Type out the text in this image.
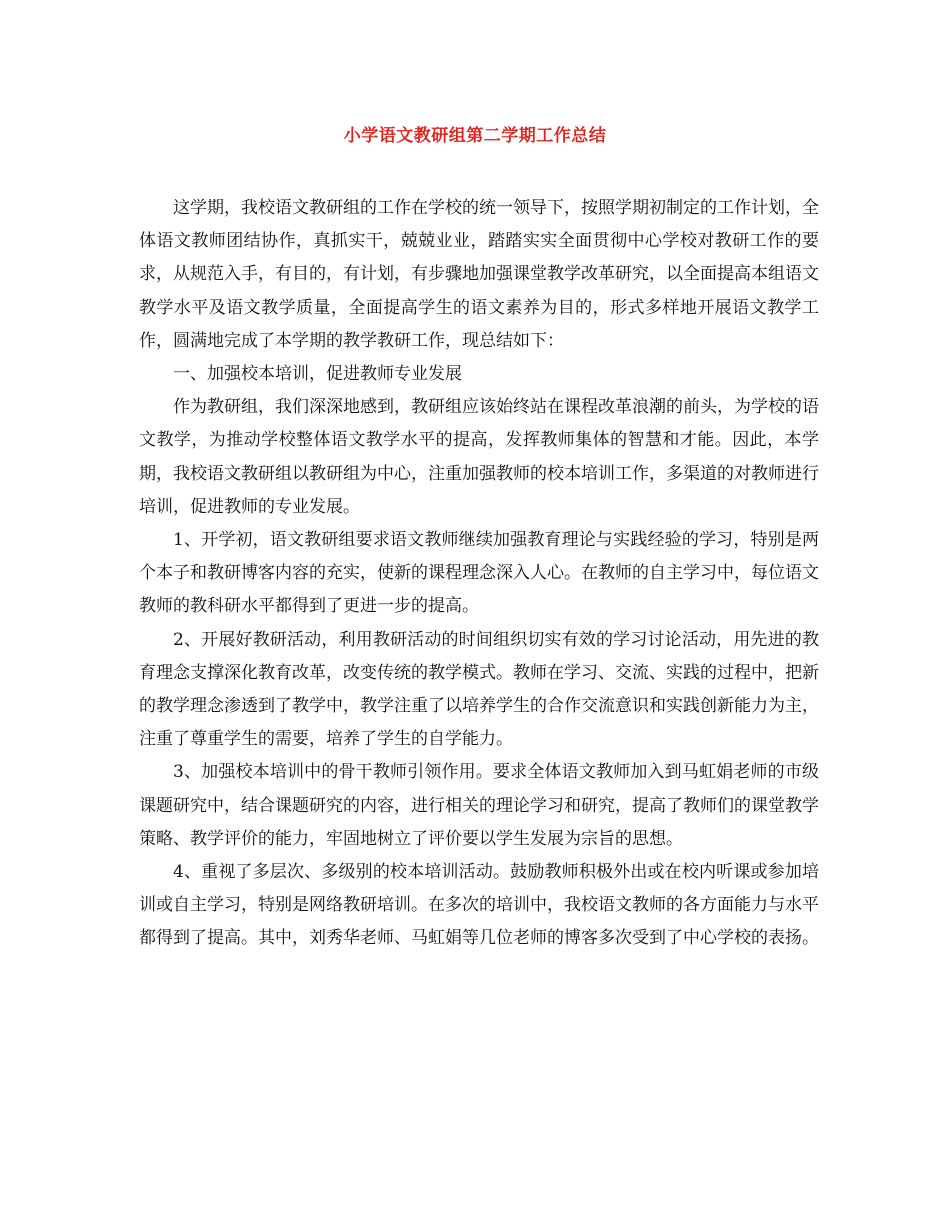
小学语文教研组第二学期工作总结

这学期，我校语文教研组的工作在学校的统一领导下，按照学期初制定的工作计划，全体语文教师团结协作，真抓实干，兢兢业业，踏踏实实全面贯彻中心学校对教研工作的要求，从规范入手，有目的，有计划，有步骤地加强课堂教学改革研究，以全面提高本组语文教学水平及语文教学质量，全面提高学生的语文素养为目的，形式多样地开展语文教学工作，圆满地完成了本学期的教学教研工作，现总结如下：

一、加强校本培训，促进教师专业发展

作为教研组，我们深深地感到，教研组应该始终站在课程改革浪潮的前头，为学校的语文教学，为推动学校整体语文教学水平的提高，发挥教师集体的智慧和才能。因此，本学期，我校语文教研组以教研组为中心，注重加强教师的校本培训工作，多渠道的对教师进行培训，促进教师的专业发展。

1、开学初，语文教研组要求语文教师继续加强教育理论与实践经验的学习，特别是两个本子和教研博客内容的充实，使新的课程理念深入人心。在教师的自主学习中，每位语文教师的教科研水平都得到了更进一步的提高。

2、开展好教研活动，利用教研活动的时间组织切实有效的学习讨论活动，用先进的教育理念支撑深化教育改革，改变传统的教学模式。教师在学习、交流、实践的过程中，把新的教学理念渗透到了教学中，教学注重了以培养学生的合作交流意识和实践创新能力为主，注重了尊重学生的需要，培养了学生的自学能力。

3、加强校本培训中的骨干教师引领作用。要求全体语文教师加入到马虹娟老师的市级课题研究中，结合课题研究的内容，进行相关的理论学习和研究，提高了教师们的课堂教学策略、教学评价的能力，牢固地树立了评价要以学生发展为宗旨的思想。

4、重视了多层次、多级别的校本培训活动。鼓励教师积极外出或在校内听课或参加培训或自主学习，特别是网络教研培训。在多次的培训中，我校语文教师的各方面能力与水平都得到了提高。其中，刘秀华老师、马虹娟等几位老师的博客多次受到了中心学校的表扬。
